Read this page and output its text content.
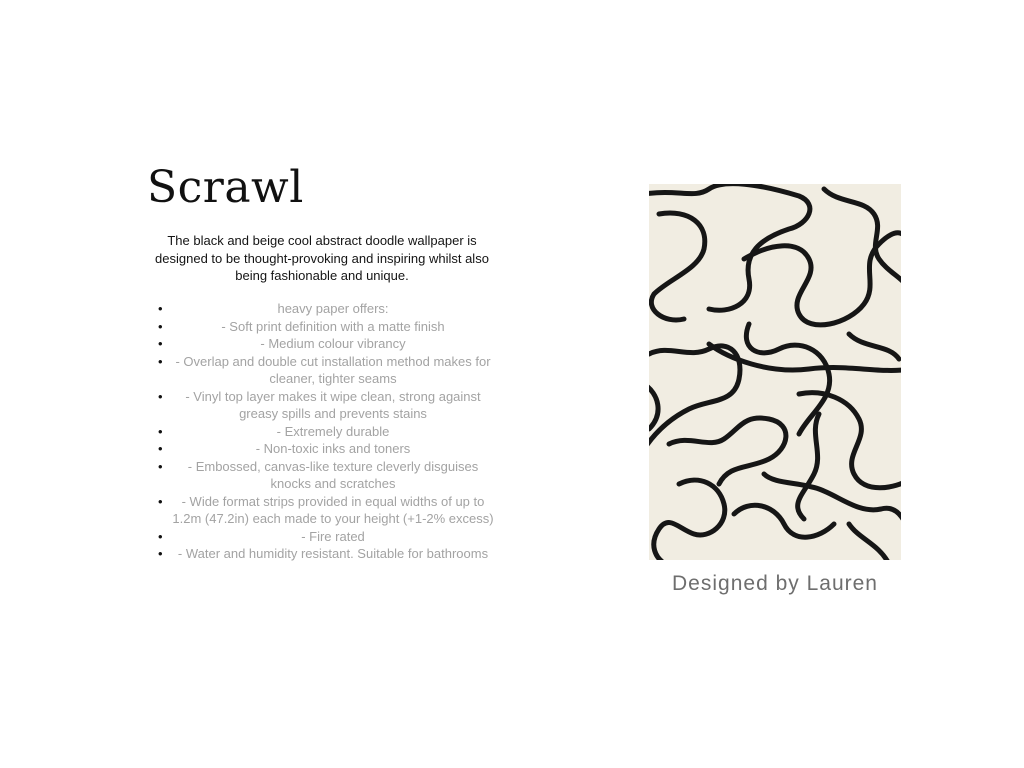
Scrawl

The black and beige cool abstract doodle wallpaper is designed to be thought-provoking and inspiring whilst also being fashionable and unique.

•	heavy paper offers:
•	- Soft print definition with a matte finish
•	- Medium colour vibrancy
• - Overlap and double cut installation method makes for cleaner, tighter seams
• - Vinyl top layer makes it wipe clean, strong against greasy spills and prevents stains
•	- Extremely durable
•	- Non-toxic inks and toners
• - Embossed, canvas-like texture cleverly disguises knocks and scratches
• - Wide format strips provided in equal widths of up to 1.2m (47.2in) each made to your height (+1-2% excess)
•	- Fire rated
• - Water and humidity resistant. Suitable for bathrooms

Designed by Lauren
